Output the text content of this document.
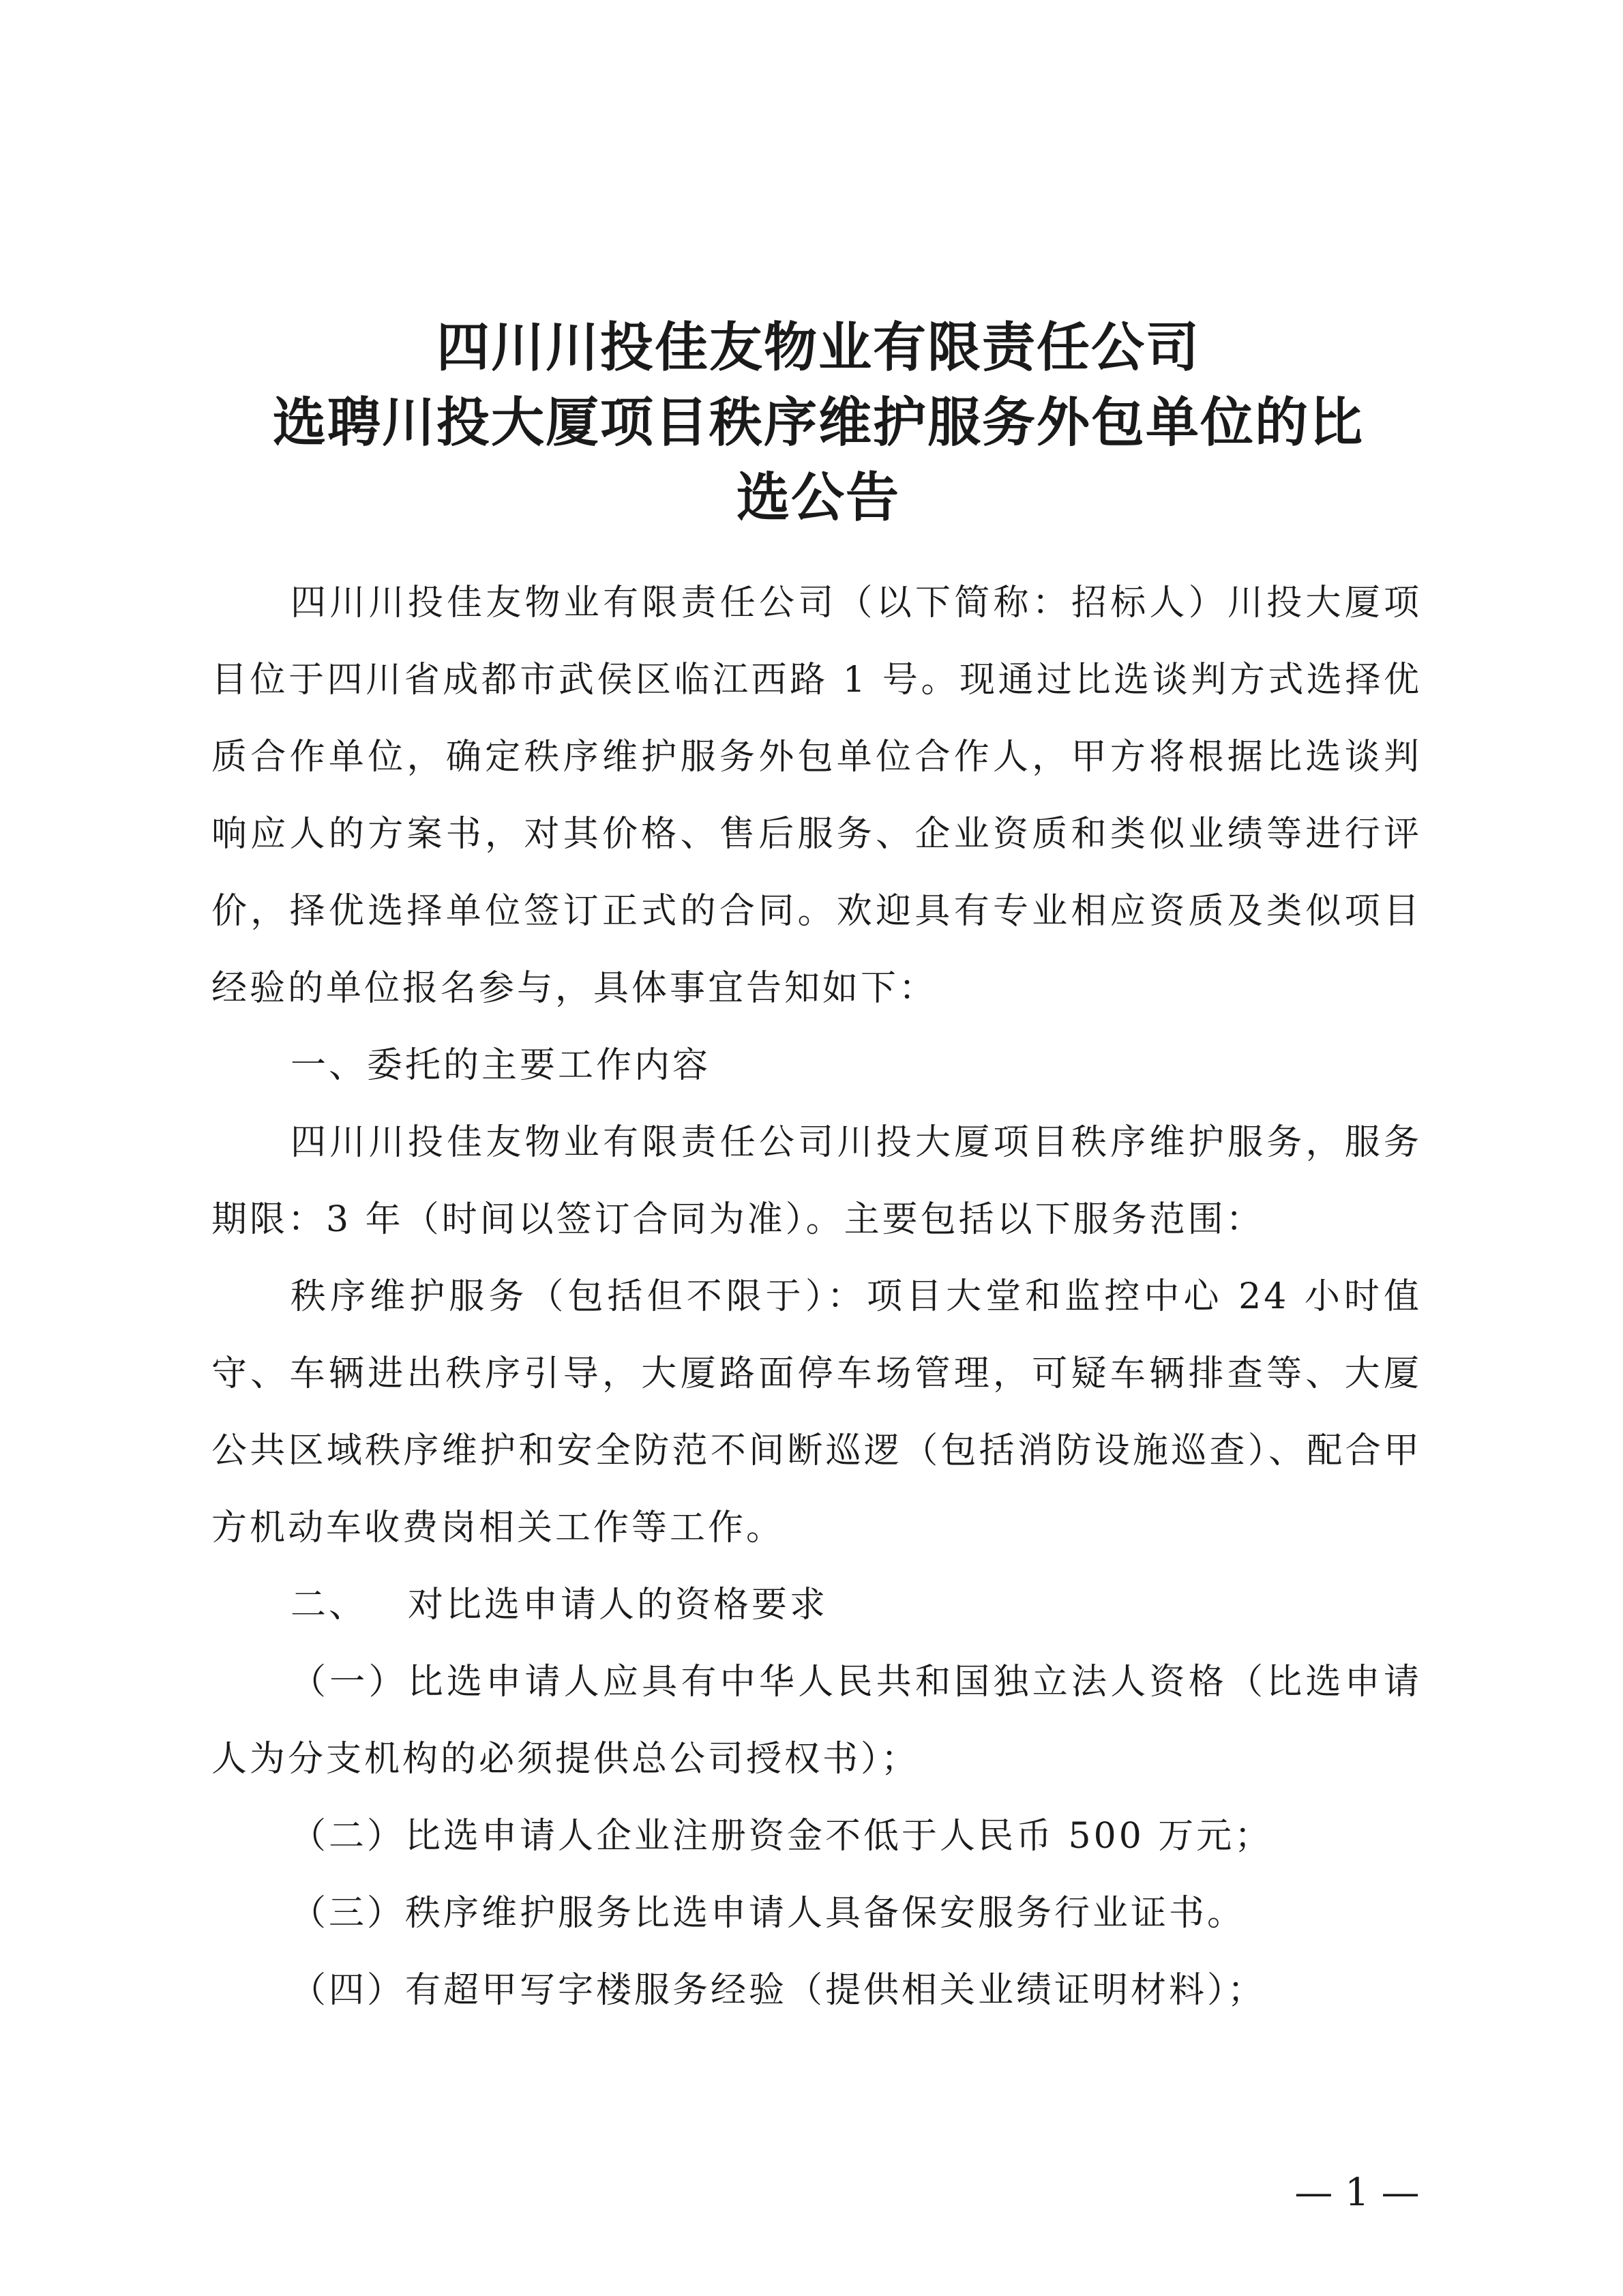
四川川投佳友物业有限责任公司
选聘川投大厦项目秩序维护服务外包单位的比
选公告

四川川投佳友物业有限责任公司（以下简称：招标人）川投大厦项目位于四川省成都市武侯区临江西路 1 号。现通过比选谈判方式选择优质合作单位，确定秩序维护服务外包单位合作人，甲方将根据比选谈判响应人的方案书，对其价格、售后服务、企业资质和类似业绩等进行评价，择优选择单位签订正式的合同。欢迎具有专业相应资质及类似项目经验的单位报名参与，具体事宜告知如下：

一、委托的主要工作内容

四川川投佳友物业有限责任公司川投大厦项目秩序维护服务，服务期限：3 年（时间以签订合同为准）。主要包括以下服务范围：

秩序维护服务（包括但不限于）：项目大堂和监控中心 24 小时值守、车辆进出秩序引导，大厦路面停车场管理，可疑车辆排查等、大厦公共区域秩序维护和安全防范不间断巡逻（包括消防设施巡查）、配合甲方机动车收费岗相关工作等工作。

二、 对比选申请人的资格要求

（一）比选申请人应具有中华人民共和国独立法人资格（比选申请人为分支机构的必须提供总公司授权书）；

（二）比选申请人企业注册资金不低于人民币 500 万元；

（三）秩序维护服务比选申请人具备保安服务行业证书。

（四）有超甲写字楼服务经验（提供相关业绩证明材料）；

— 1 —
